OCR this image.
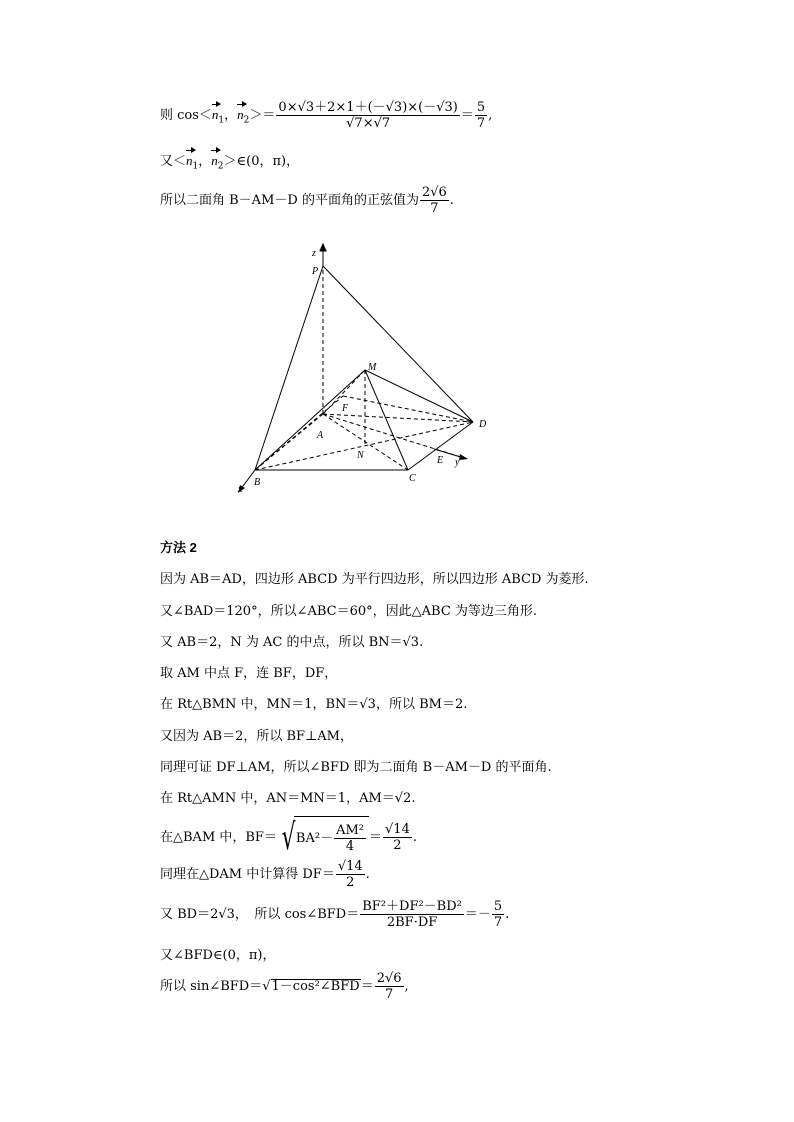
则 $\cos<n_1$，$n_2>= \frac{0\times√3+2\times 1+(-√3)\times(-√3)}{√7\times√7} = \frac{5}{7}$ ,
又$<n_1$，$n_2>\in(0$，π)，
所以二面角 B－AM－D 的平面角的正弦值为 $\frac{2√6}{7}$ .
z
P
M
F
A
D
N	E y
B	C
x
方法 2
因为 AB＝AD，四边形 ABCD 为平行四边形，所以四边形 ABCD 为菱形.
又∠BAD＝120°，所以∠ABC＝60°，因此△ABC 为等边三角形.
又 AB＝2，N 为 AC 的中点，所以 BN＝√3.
取 AM 中点 F，连 BF，DF，
在 Rt△BMN 中，MN＝1，BN＝√3，所以 BM＝2.
又因为 AB＝2，所以 BF⊥AM，
同理可证 DF⊥AM，所以∠BFD 即为二面角 B－AM－D 的平面角.
在 Rt△AMN 中，AN＝MN＝1，AM＝√2.
在△BAM 中，$BF= √BA^2- \frac{\text{AM²}}{4} = \frac{√14}{2}$ .
同理在△DAM 中计算得 $DF= \frac{√14}{2}$ .
又 BD＝2√3，　所以 cos∠BFD＝ $\frac{\text{BF²＋DF²－BD²}}{2BF\cdot DF} =- \frac{5}{7}$ .
又∠BFD∈(0，π)，
所以 sin∠BFD＝√1－cos²∠BFD＝ $\frac{2√6}{7}$ ,
